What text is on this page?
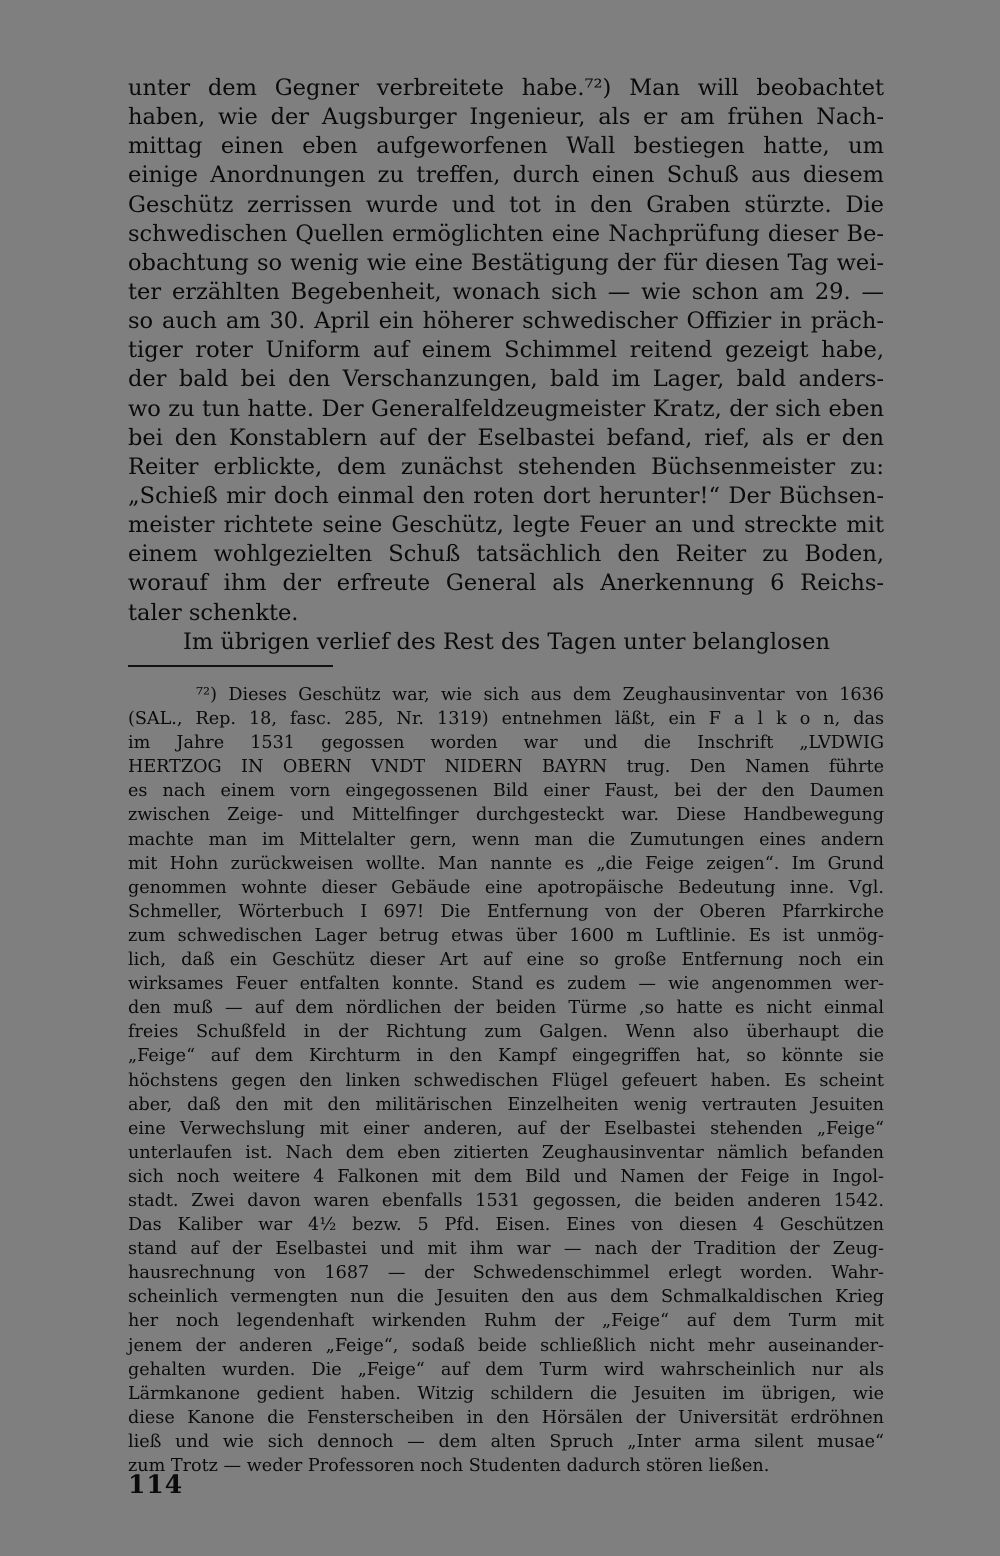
unter dem Gegner verbreitete habe.⁷²) Man will beobachtet
haben, wie der Augsburger Ingenieur, als er am frühen Nach-
mittag einen eben aufgeworfenen Wall bestiegen hatte, um
einige Anordnungen zu treffen, durch einen Schuß aus diesem
Geschütz zerrissen wurde und tot in den Graben stürzte. Die
schwedischen Quellen ermöglichten eine Nachprüfung dieser Be-
obachtung so wenig wie eine Bestätigung der für diesen Tag wei-
ter erzählten Begebenheit, wonach sich — wie schon am 29. —
so auch am 30. April ein höherer schwedischer Offizier in präch-
tiger roter Uniform auf einem Schimmel reitend gezeigt habe,
der bald bei den Verschanzungen, bald im Lager, bald anders-
wo zu tun hatte. Der Generalfeldzeugmeister Kratz, der sich eben
bei den Konstablern auf der Eselbastei befand, rief, als er den
Reiter erblickte, dem zunächst stehenden Büchsenmeister zu:
„Schieß mir doch einmal den roten dort herunter!“ Der Büchsen-
meister richtete seine Geschütz, legte Feuer an und streckte mit
einem wohlgezielten Schuß tatsächlich den Reiter zu Boden,
worauf ihm der erfreute General als Anerkennung 6 Reichs-
taler schenkte.
Im übrigen verlief des Rest des Tagen unter belanglosen
⁷²) Dieses Geschütz war, wie sich aus dem Zeughausinventar von 1636
(SAL., Rep. 18, fasc. 285, Nr. 1319) entnehmen läßt, ein F a l k o n, das
im Jahre 1531 gegossen worden war und die Inschrift „LVDWIG
HERTZOG IN OBERN VNDT NIDERN BAYRN trug. Den Namen führte
es nach einem vorn eingegossenen Bild einer Faust, bei der den Daumen
zwischen Zeige- und Mittelfinger durchgesteckt war. Diese Handbewegung
machte man im Mittelalter gern, wenn man die Zumutungen eines andern
mit Hohn zurückweisen wollte. Man nannte es „die Feige zeigen“. Im Grund
genommen wohnte dieser Gebäude eine apotropäische Bedeutung inne. Vgl.
Schmeller, Wörterbuch I 697! Die Entfernung von der Oberen Pfarrkirche
zum schwedischen Lager betrug etwas über 1600 m Luftlinie. Es ist unmög-
lich, daß ein Geschütz dieser Art auf eine so große Entfernung noch ein
wirksames Feuer entfalten konnte. Stand es zudem — wie angenommen wer-
den muß — auf dem nördlichen der beiden Türme ,so hatte es nicht einmal
freies Schußfeld in der Richtung zum Galgen. Wenn also überhaupt die
„Feige“ auf dem Kirchturm in den Kampf eingegriffen hat, so könnte sie
höchstens gegen den linken schwedischen Flügel gefeuert haben. Es scheint
aber, daß den mit den militärischen Einzelheiten wenig vertrauten Jesuiten
eine Verwechslung mit einer anderen, auf der Eselbastei stehenden „Feige“
unterlaufen ist. Nach dem eben zitierten Zeughausinventar nämlich befanden
sich noch weitere 4 Falkonen mit dem Bild und Namen der Feige in Ingol-
stadt. Zwei davon waren ebenfalls 1531 gegossen, die beiden anderen 1542.
Das Kaliber war 4½ bezw. 5 Pfd. Eisen. Eines von diesen 4 Geschützen
stand auf der Eselbastei und mit ihm war — nach der Tradition der Zeug-
hausrechnung von 1687 — der Schwedenschimmel erlegt worden. Wahr-
scheinlich vermengten nun die Jesuiten den aus dem Schmalkaldischen Krieg
her noch legendenhaft wirkenden Ruhm der „Feige“ auf dem Turm mit
jenem der anderen „Feige“, sodaß beide schließlich nicht mehr auseinander-
gehalten wurden. Die „Feige“ auf dem Turm wird wahrscheinlich nur als
Lärmkanone gedient haben. Witzig schildern die Jesuiten im übrigen, wie
diese Kanone die Fensterscheiben in den Hörsälen der Universität erdröhnen
ließ und wie sich dennoch — dem alten Spruch „Inter arma silent musae“
zum Trotz — weder Professoren noch Studenten dadurch stören ließen.
114
